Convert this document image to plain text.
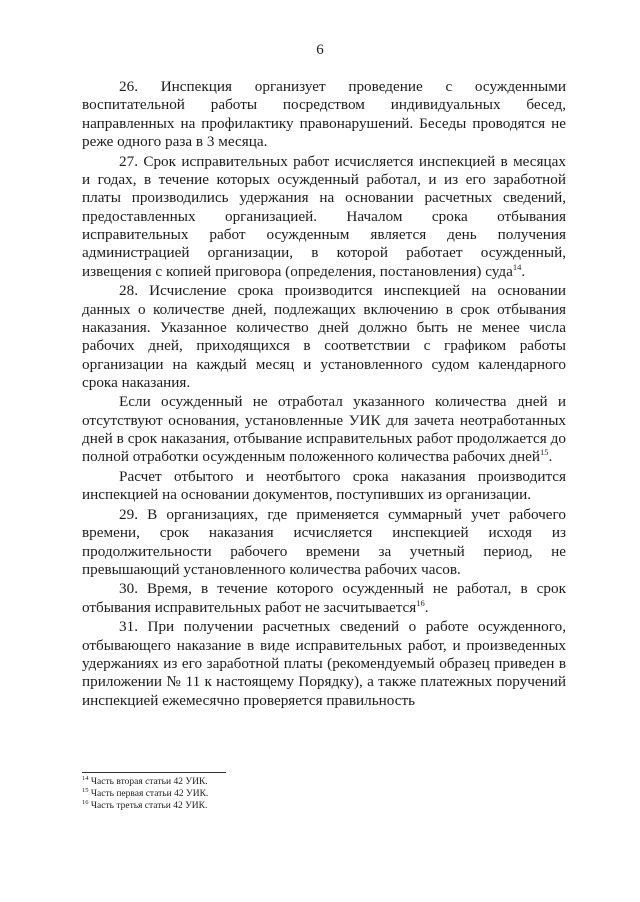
6

26. Инспекция организует проведение с осужденными воспитательной работы посредством индивидуальных бесед, направленных на профилактику правонарушений. Беседы проводятся не реже одного раза в 3 месяца.

27. Срок исправительных работ исчисляется инспекцией в месяцах и годах, в течение которых осужденный работал, и из его заработной платы производились удержания на основании расчетных сведений, предоставленных организацией. Началом срока отбывания исправительных работ осужденным является день получения администрацией организации, в которой работает осужденный, извещения с копией приговора (определения, постановления) суда$^{14}$.

28. Исчисление срока производится инспекцией на основании данных о количестве дней, подлежащих включению в срок отбывания наказания. Указанное количество дней должно быть не менее числа рабочих дней, приходящихся в соответствии с графиком работы организации на каждый месяц и установленного судом календарного срока наказания.

Если осужденный не отработал указанного количества дней и отсутствуют основания, установленные УИК для зачета неотработанных дней в срок наказания, отбывание исправительных работ продолжается до полной отработки осужденным положенного количества рабочих дней$^{15}$.

Расчет отбытого и неотбытого срока наказания производится инспекцией на основании документов, поступивших из организации.

29. В организациях, где применяется суммарный учет рабочего времени, срок наказания исчисляется инспекцией исходя из продолжительности рабочего времени за учетный период, не превышающий установленного количества рабочих часов.

30. Время, в течение которого осужденный не работал, в срок отбывания исправительных работ не засчитывается$^{16}$.

31. При получении расчетных сведений о работе осужденного, отбывающего наказание в виде исправительных работ, и произведенных удержаниях из его заработной платы (рекомендуемый образец приведен в приложении № 11 к настоящему Порядку), а также платежных поручений инспекцией ежемесячно проверяется правильность

$^{14}$ Часть вторая статьи 42 УИК.

$^{15}$ Часть первая статьи 42 УИК.

$^{16}$ Часть третья статьи 42 УИК.
